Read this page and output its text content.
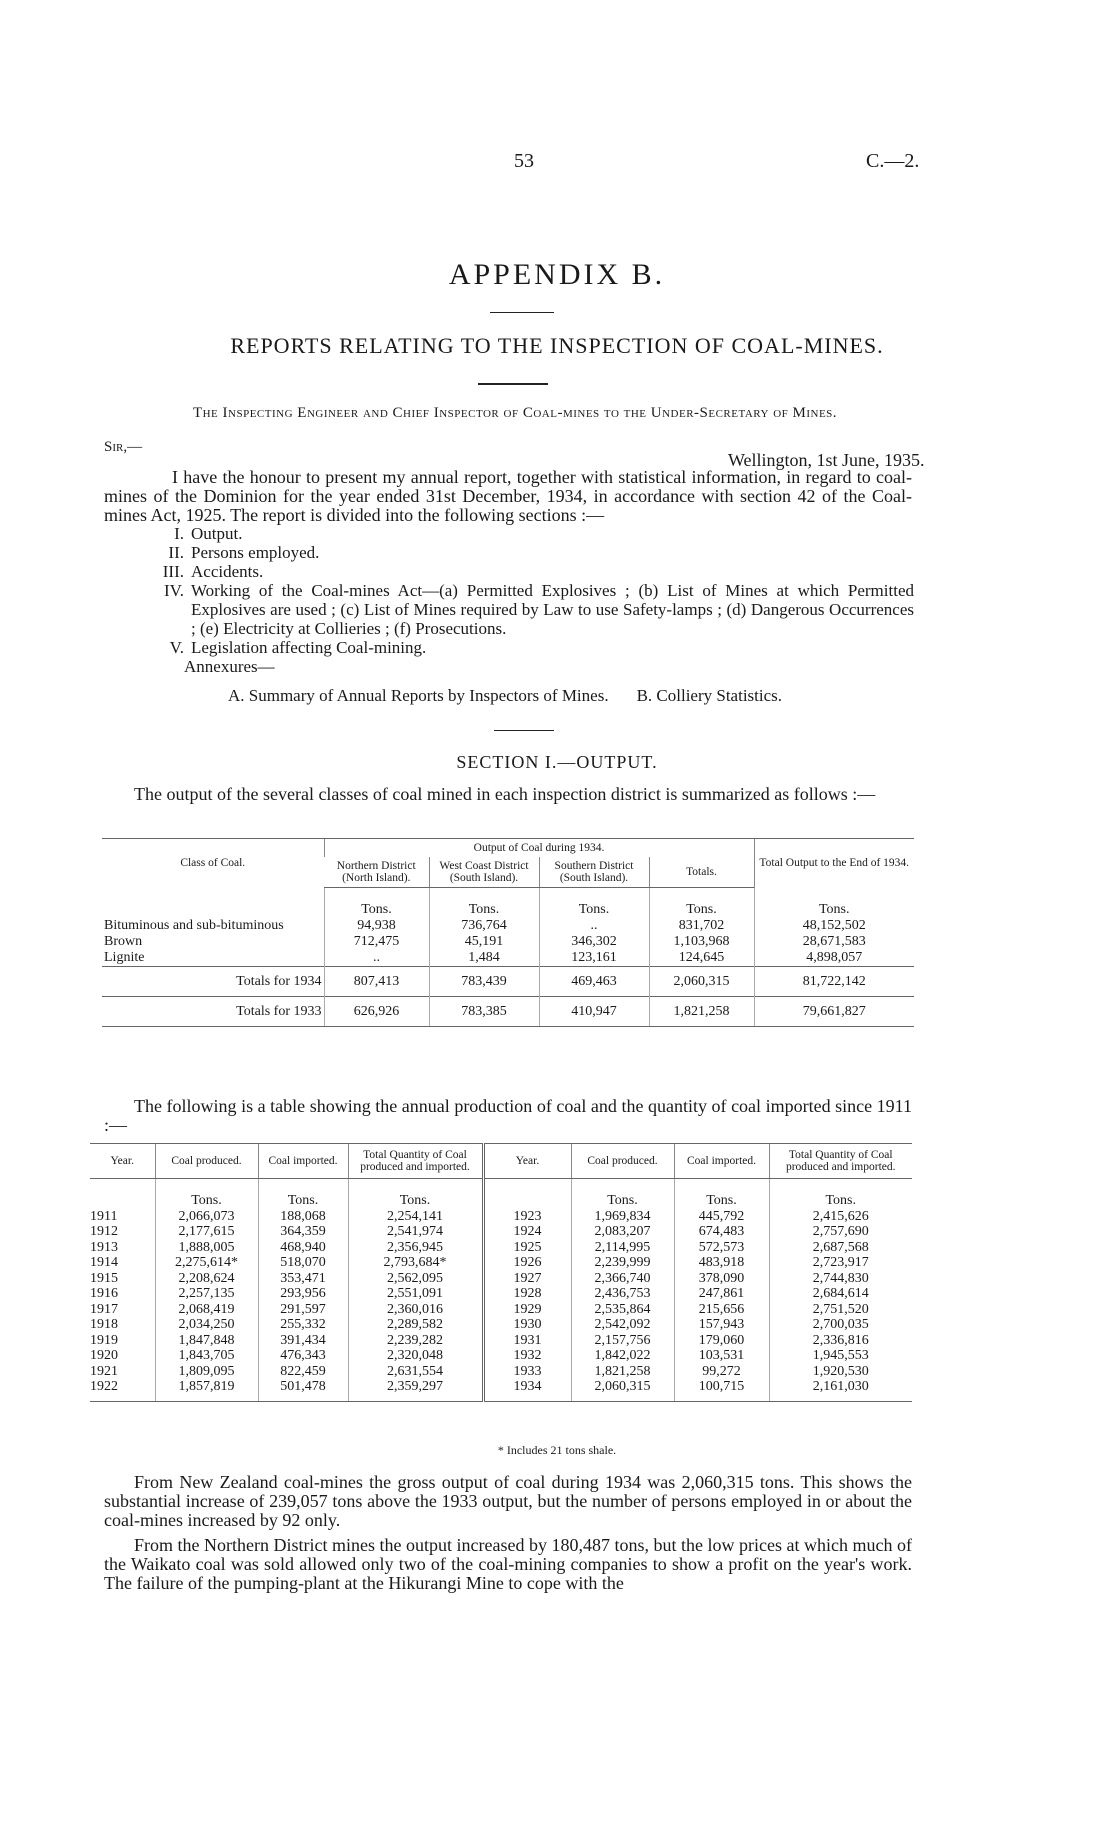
53	C.—2.
APPENDIX B.
REPORTS RELATING TO THE INSPECTION OF COAL-MINES.
The Inspecting Engineer and Chief Inspector of Coal-mines to the Under-Secretary of Mines.
Sir,—
Wellington, 1st June, 1935.
I have the honour to present my annual report, together with statistical information, in regard to coal-mines of the Dominion for the year ended 31st December, 1934, in accordance with section 42 of the Coal-mines Act, 1925. The report is divided into the following sections :—
I. Output.
II. Persons employed.
III. Accidents.
IV. Working of the Coal-mines Act—(a) Permitted Explosives ; (b) List of Mines at which Permitted Explosives are used ; (c) List of Mines required by Law to use Safety-lamps ; (d) Dangerous Occurrences ; (e) Electricity at Collieries ; (f) Prosecutions.
V. Legislation affecting Coal-mining.
Annexures—
A. Summary of Annual Reports by Inspectors of Mines. B. Colliery Statistics.
SECTION I.—OUTPUT.
The output of the several classes of coal mined in each inspection district is summarized as follows :—
Class of Coal.	Output of Coal during 1934.				Total Output to the End of 1934.
	Northern District (North Island).	West Coast District (South Island).	Southern District (South Island).	Totals.	
	Tons.	Tons.	Tons.	Tons.	Tons.
Bituminous and sub-bituminous	94,938	736,764	..	831,702	48,152,502
Brown	712,475	45,191	346,302	1,103,968	28,671,583
Lignite	..	1,484	123,161	124,645	4,898,057
Totals for 1934	807,413	783,439	469,463	2,060,315	81,722,142
Totals for 1933	626,926	783,385	410,947	1,821,258	79,661,827
The following is a table showing the annual production of coal and the quantity of coal imported since 1911 :—
Year.	Coal produced.	Coal imported.	Total Quantity of Coal produced and imported.	Year.	Coal produced.	Coal imported.	Total Quantity of Coal produced and imported.
	Tons.	Tons.	Tons.		Tons.	Tons.	Tons.
1911	2,066,073	188,068	2,254,141	1923	1,969,834	445,792	2,415,626
1912	2,177,615	364,359	2,541,974	1924	2,083,207	674,483	2,757,690
1913	1,888,005	468,940	2,356,945	1925	2,114,995	572,573	2,687,568
1914	2,275,614*	518,070	2,793,684*	1926	2,239,999	483,918	2,723,917
1915	2,208,624	353,471	2,562,095	1927	2,366,740	378,090	2,744,830
1916	2,257,135	293,956	2,551,091	1928	2,436,753	247,861	2,684,614
1917	2,068,419	291,597	2,360,016	1929	2,535,864	215,656	2,751,520
1918	2,034,250	255,332	2,289,582	1930	2,542,092	157,943	2,700,035
1919	1,847,848	391,434	2,239,282	1931	2,157,756	179,060	2,336,816
1920	1,843,705	476,343	2,320,048	1932	1,842,022	103,531	1,945,553
1921	1,809,095	822,459	2,631,554	1933	1,821,258	99,272	1,920,530
1922	1,857,819	501,478	2,359,297	1934	2,060,315	100,715	2,161,030
* Includes 21 tons shale.
From New Zealand coal-mines the gross output of coal during 1934 was 2,060,315 tons. This shows the substantial increase of 239,057 tons above the 1933 output, but the number of persons employed in or about the coal-mines increased by 92 only.
From the Northern District mines the output increased by 180,487 tons, but the low prices at which much of the Waikato coal was sold allowed only two of the coal-mining companies to show a profit on the year's work. The failure of the pumping-plant at the Hikurangi Mine to cope with the
